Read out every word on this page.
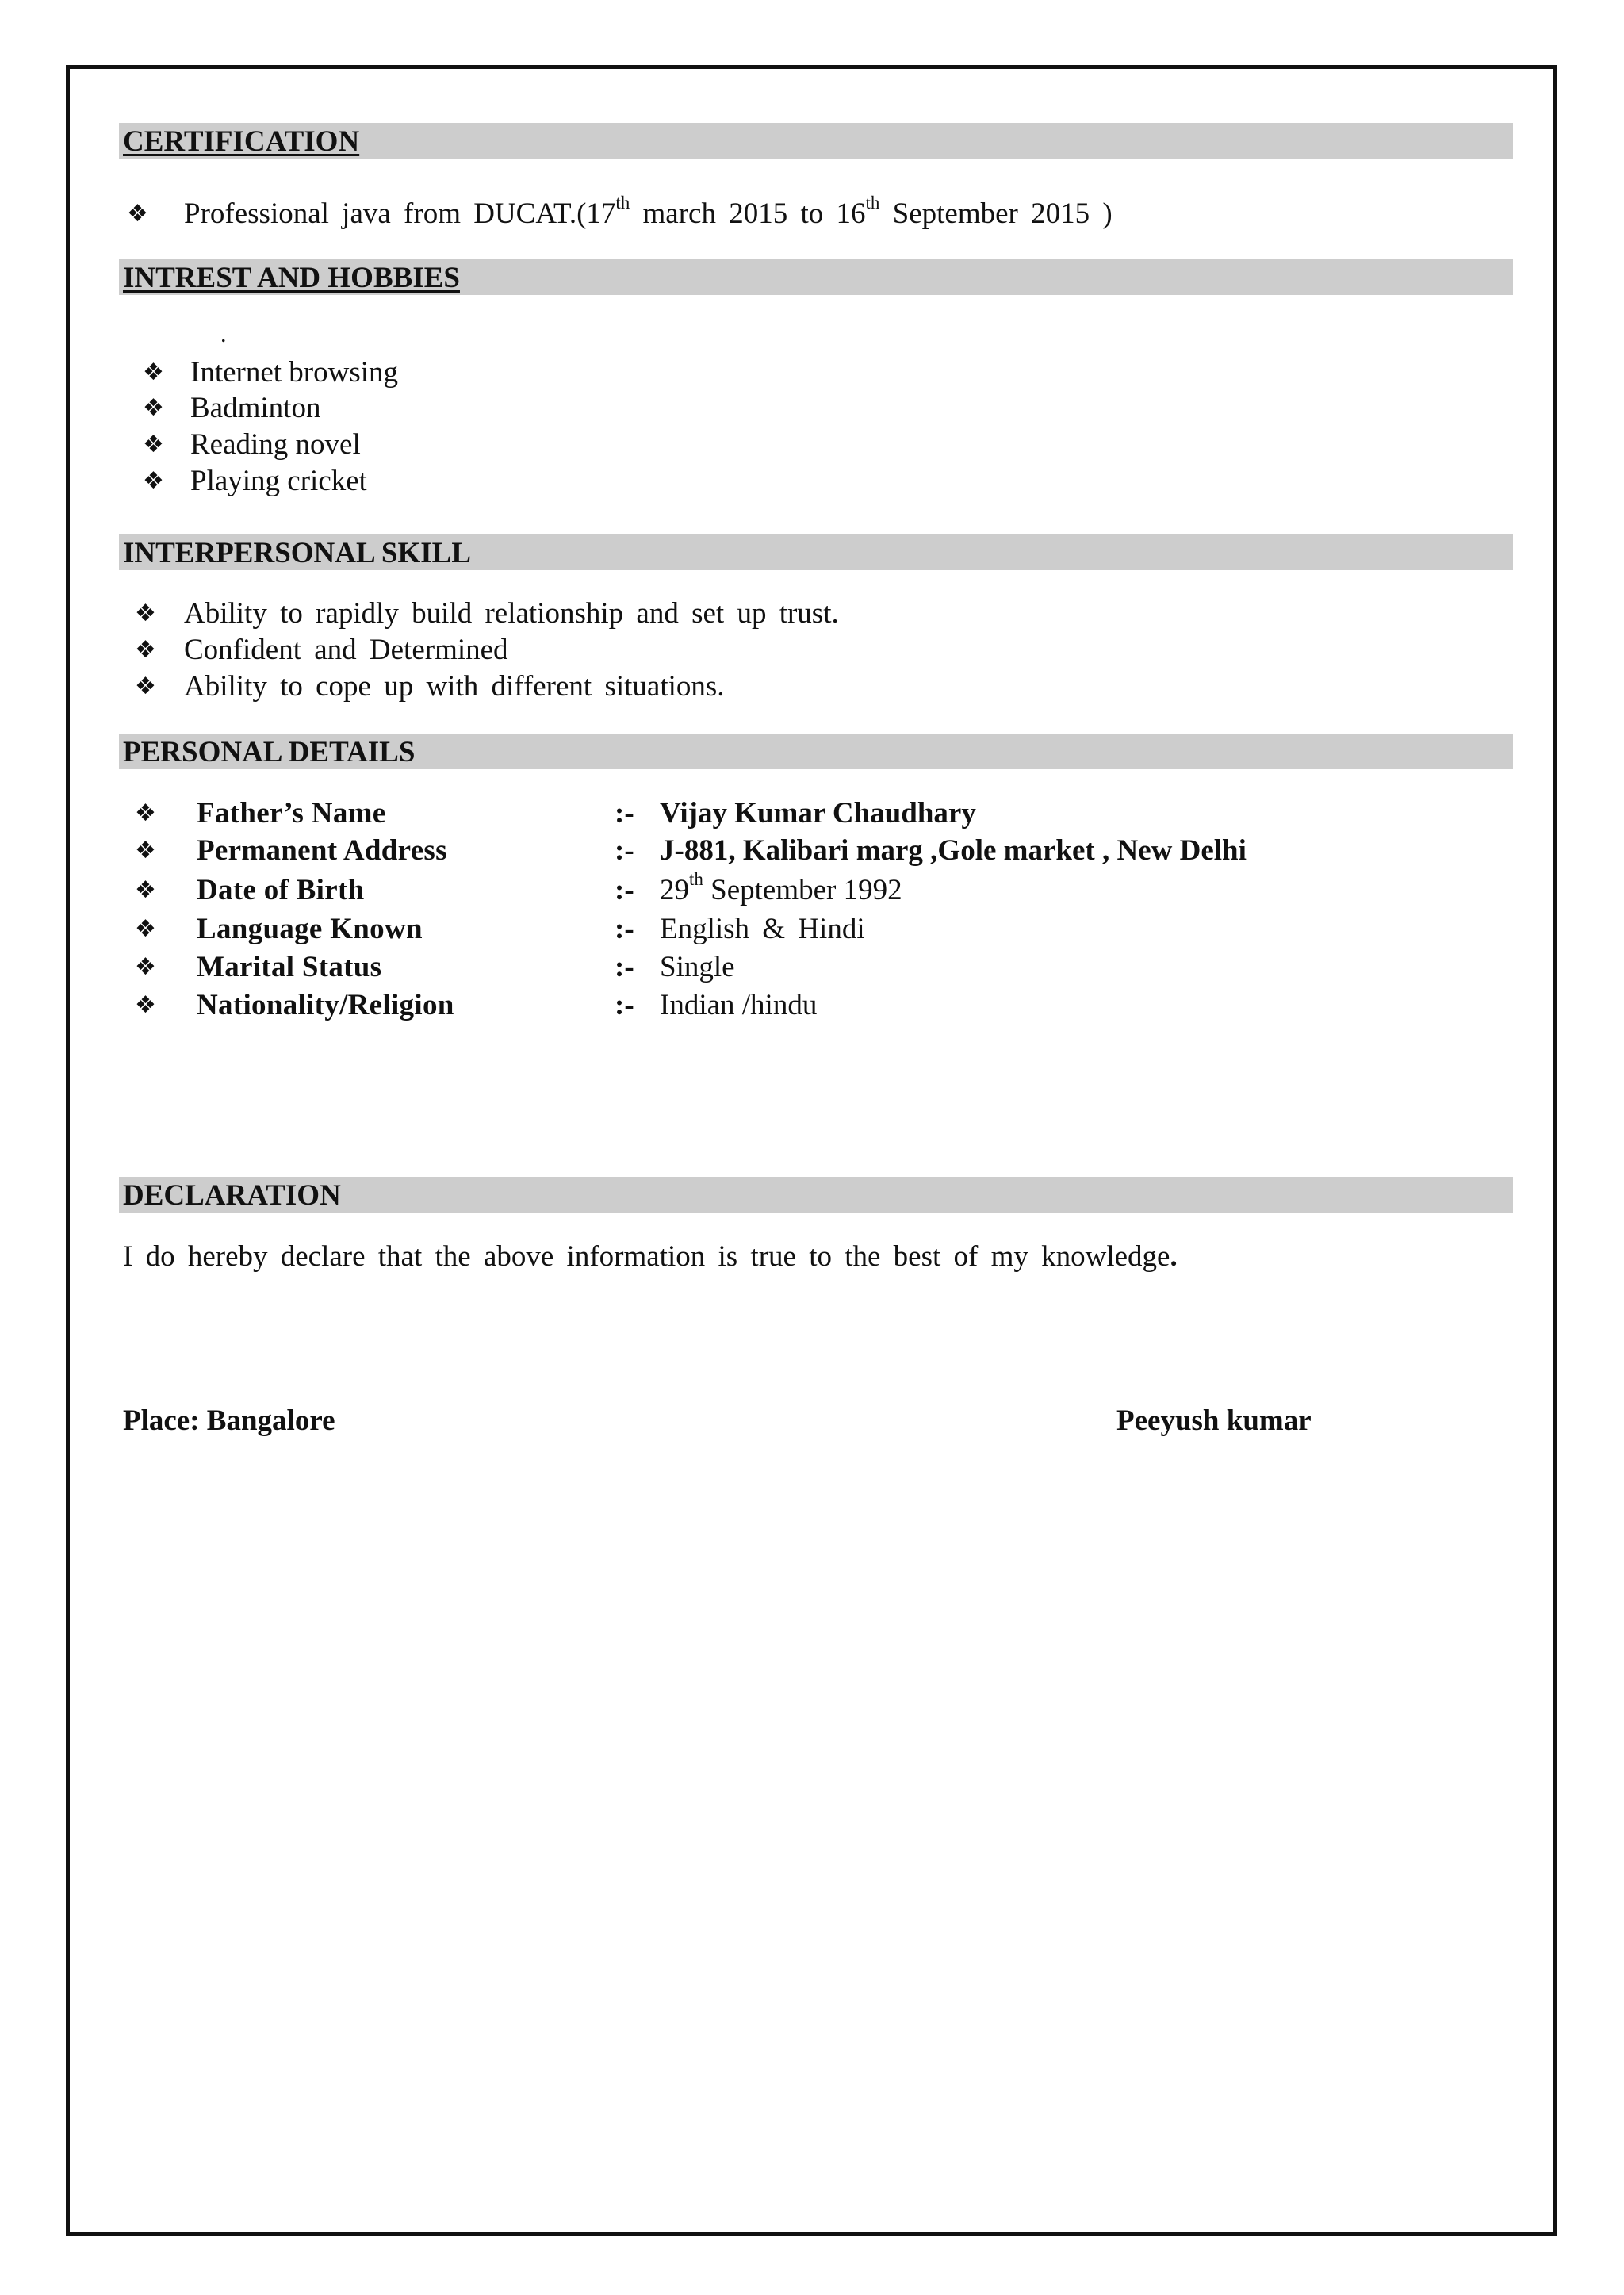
CERTIFICATION
❖ Professional java from DUCAT.(17th march 2015 to 16th September 2015 )
INTREST AND HOBBIES
.
❖ Internet browsing
❖ Badminton
❖ Reading novel
❖ Playing cricket
INTERPERSONAL SKILL
❖ Ability to rapidly build relationship and set up trust.
❖ Confident and Determined
❖ Ability to cope up with different situations.
PERSONAL DETAILS
❖ Father’s Name	:- Vijay Kumar Chaudhary
❖ Permanent Address	:- J-881, Kalibari marg ,Gole market , New Delhi
❖ Date of Birth	:- 29th September 1992
❖ Language Known	:- English & Hindi
❖ Marital Status	:- Single
❖ Nationality/Religion	:- Indian /hindu
DECLARATION
I do hereby declare that the above information is true to the best of my knowledge.
Place: Bangalore	Peeyush kumar
